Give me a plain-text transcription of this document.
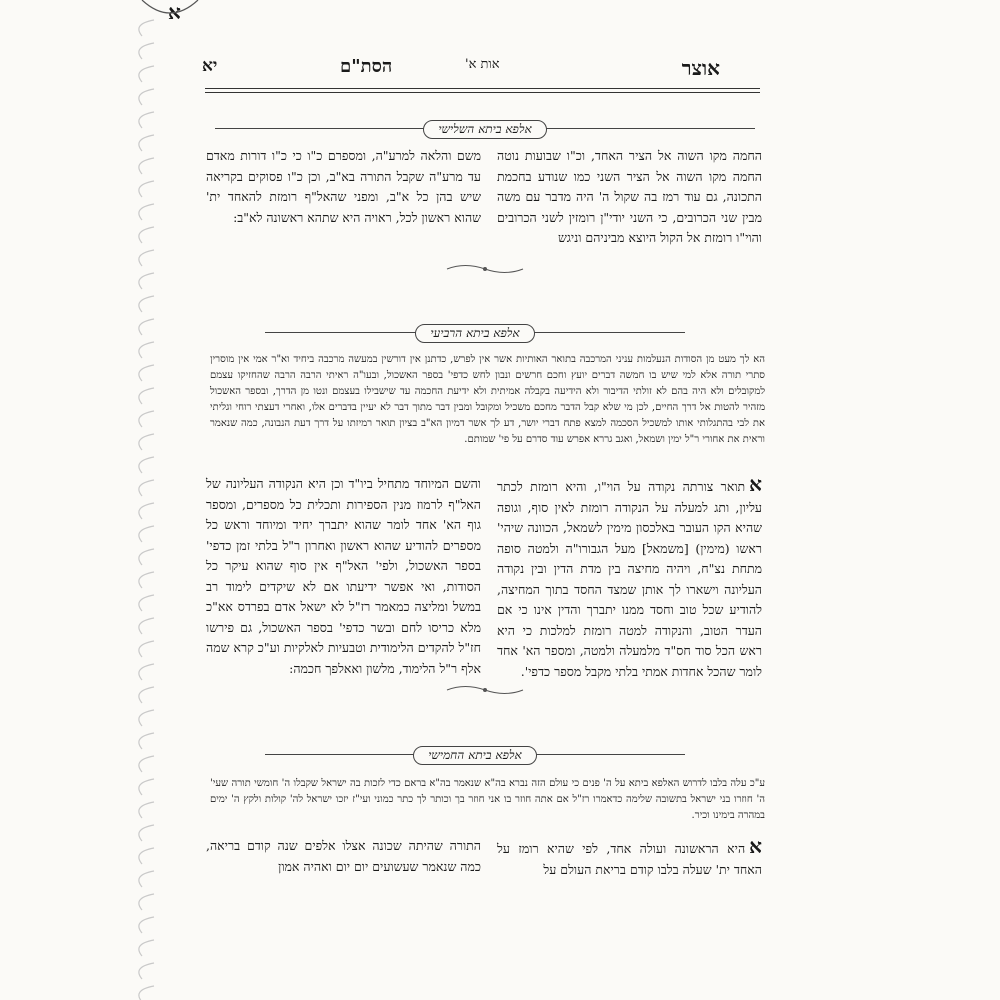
א
יא	הסת"ם	אות א'	אוצר
אלפא ביתא השלישי

החמה מקו השוה אל הציר האחד, וכ"ו שבועות נוטה החמה מקו השוה אל הציר השני כמו שנודע בחכמת התכונה, גם עוד רמז בה שקול ה' היה מדבר עם משה מבין שני הכרובים, כי השני יודי"ן רומזין לשני הכרובים והוי"ו רומזת אל הקול היוצא מביניהם וניגש

משם והלאה למרע"ה, ומספרם כ"ו כי כ"ו דורות מאדם עד מרע"ה שקבל התורה בא"ב, וכן כ"ו פסוקים בקריאה שיש בהן כל א"ב, ומפני שהאל"ף רומזת להאחד ית' שהוא ראשון לכל, ראויה היא שתהא ראשונה לא"ב:

אלפא ביתא הרביעי

הא לך מעט מן הסודות הנעלמות עניני המרכבה בתואר האותיות אשר אין לפרש, כדתנן אין דורשין במעשה מרכבה ביחיד וא"ר אמי אין מוסרין סתרי תורה אלא למי שיש בו חמשה דברים יועץ וחכם חרשים ונבון לחש כדפי' בספר האשכול, ובעו"ה ראיתי הרבה הרבה שהחזיקו עצמם למקובלים ולא היה בהם לא זולתי הדיבור ולא הידיעה בקבלה אמיתית ולא ידיעת החכמה עד שישבילו בעצמם ונטו מן הדרך, ובספר האשכול מזהיר להטות אל דרך החיים, לכן מי שלא קבל הדבר מחכם משכיל ומקובל ומבין דבר מתוך דבר לא יעיין בדברים אלו, ואחרי דעצתי רוחי וגליתי את לבי בהתגלותי אותו למשכיל הסכמה למצא פתח דברי יושר, דע לך אשר דמיון הא"ב בציון תואר רמיזתו על דרך דעת הנבונה, כמה שנאמר וראית את אחורי ר"ל ימין ושמאל, ואגב גררא אפרש עוד סדרם על פי' שמותם.

אתואר צורתה נקודה על הוי"ו, והיא רומזת לכתר עליון, ותג למעלה על הנקודה רומזת לאין סוף, וגופה שהיא הקו העובר באלכסון מימין לשמאל, הכוונה שיהי' ראשו (מימין) [משמאל] מעל הגבורו"ה ולמטה סופה מתחת נצ"ח, ויהיה מחיצה בין מדת הדין ובין נקודה העליונה וישארו לך אותן שמצד החסד בתוך המחיצה, להודיע שכל טוב וחסד ממנו יתברך והדין אינו כי אם העדר הטוב, והנקודה למטה רומזת למלכות כי היא ראש הכל סוד חס"ד מלמעלה ולמטה, ומספר הא' אחד לומר שהכל אחדות אמתי בלתי מקבל מספר כדפי'.

והשם המיוחד מתחיל ביו"ד וכן היא הנקודה העליונה של האל"ף לרמוז מנין הספירות ותכלית כל מספרים, ומספר גוף הא' אחד לומר שהוא יתברך יחיד ומיוחד וראש כל מספרים להודיע שהוא ראשון ואחרון ר"ל בלתי זמן כדפי' בספר האשכול, ולפי' האל"ף אין סוף שהוא עיקר כל הסודות, ואי אפשר ידיעתו אם לא שיקדים לימוד רב במשל ומליצה כמאמר רז"ל לא ישאל אדם בפרדס אא"כ מלא כריסו לחם ובשר כדפי' בספר האשכול, גם פירשו חז"ל להקדים הלימודית וטבעיות לאלקיות וע"כ קרא שמה אלף ר"ל הלימוד, מלשון ואאלפך חכמה:

אלפא ביתא החמישי

ע"כ עלה בלבו לדרוש האלפא ביתא על ה' פנים כי עולם הזה נברא בה"א שנאמר בה"א בראם כדי לזכות בה ישראל שקבלו ה' חומשי תורה שעי' ה' חוזרו בני ישראל בתשובה שלימה כדאמרו רז"ל אם אתה חוזר בו אני חוזר בך וכותר לך כתר כמוני ועי"ז יזכו ישראל לה' קולות ולקץ ה' ימים במהרה בימינו וכיר.

אהיא הראשונה ועולה אחד, לפי שהיא רומז על האחד ית' שעלה בלבו קודם בריאת העולם על

התורה שהיתה שכונה אצלו אלפים שנה קודם בריאה, כמה שנאמר שעשועים יום יום ואהיה אמון
